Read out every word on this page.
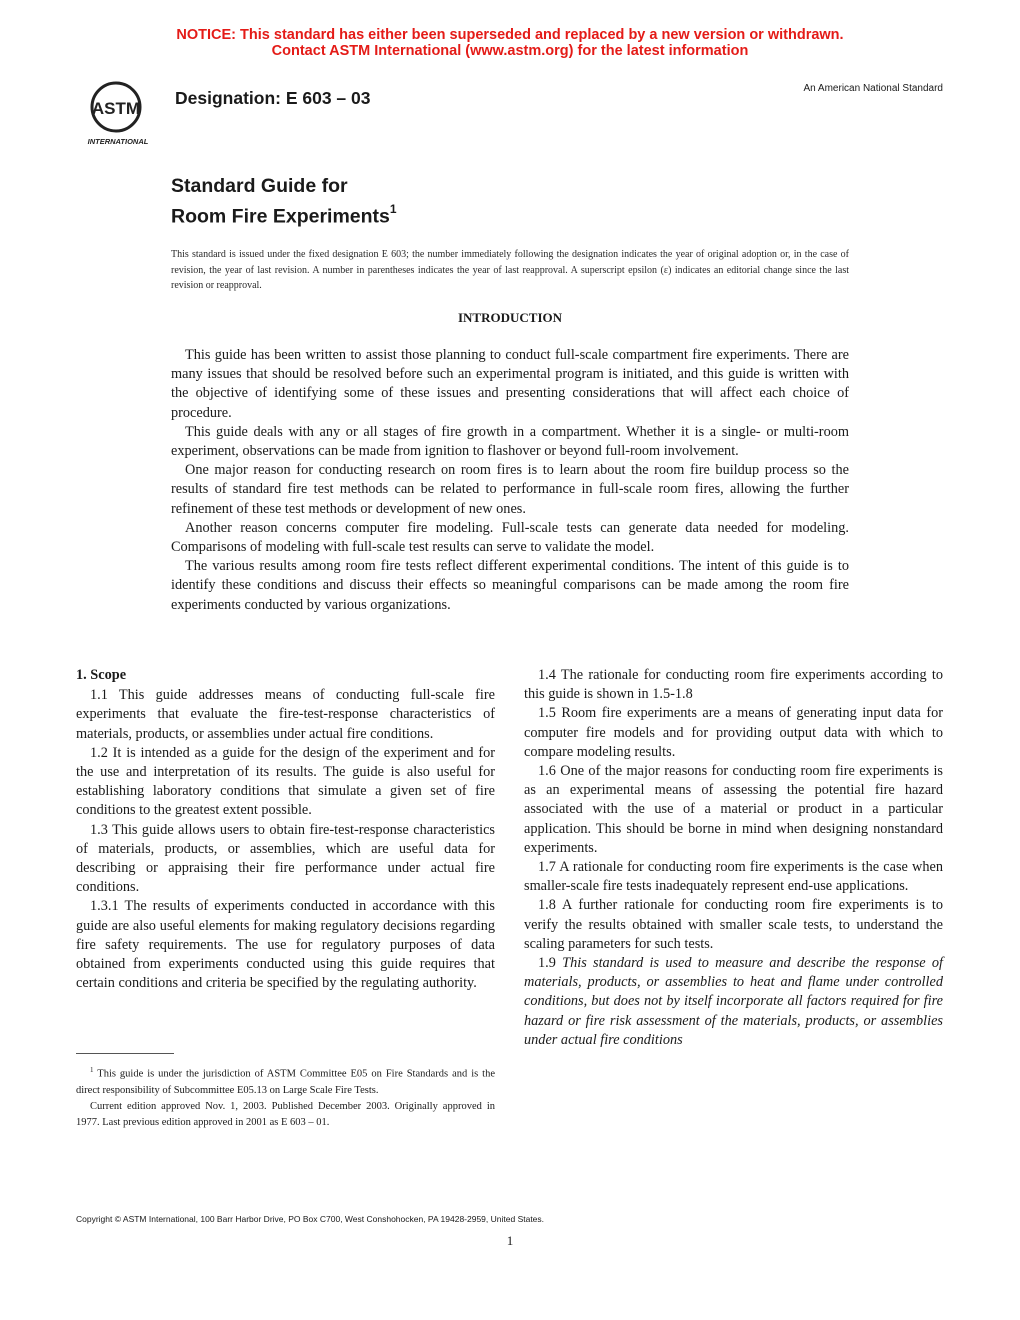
NOTICE: This standard has either been superseded and replaced by a new version or withdrawn.
Contact ASTM International (www.astm.org) for the latest information
ASTM
INTERNATIONAL
Designation: E 603 – 03	An American National Standard
Standard Guide for
Room Fire Experiments$^1$
This standard is issued under the fixed designation E 603; the number immediately following the designation indicates the year of original adoption or, in the case of revision, the year of last revision. A number in parentheses indicates the year of last reapproval. A superscript epsilon (ε) indicates an editorial change since the last revision or reapproval.
INTRODUCTION

This guide has been written to assist those planning to conduct full-scale compartment fire experiments. There are many issues that should be resolved before such an experimental program is initiated, and this guide is written with the objective of identifying some of these issues and presenting considerations that will affect each choice of procedure.

This guide deals with any or all stages of fire growth in a compartment. Whether it is a single- or multi-room experiment, observations can be made from ignition to flashover or beyond full-room involvement.

One major reason for conducting research on room fires is to learn about the room fire buildup process so the results of standard fire test methods can be related to performance in full-scale room fires, allowing the further refinement of these test methods or development of new ones.

Another reason concerns computer fire modeling. Full-scale tests can generate data needed for modeling. Comparisons of modeling with full-scale test results can serve to validate the model.

The various results among room fire tests reflect different experimental conditions. The intent of this guide is to identify these conditions and discuss their effects so meaningful comparisons can be made among the room fire experiments conducted by various organizations.

1. Scope

1.1 This guide addresses means of conducting full-scale fire experiments that evaluate the fire-test-response characteristics of materials, products, or assemblies under actual fire conditions.

1.2 It is intended as a guide for the design of the experiment and for the use and interpretation of its results. The guide is also useful for establishing laboratory conditions that simulate a given set of fire conditions to the greatest extent possible.

1.3 This guide allows users to obtain fire-test-response characteristics of materials, products, or assemblies, which are useful data for describing or appraising their fire performance under actual fire conditions.

1.3.1 The results of experiments conducted in accordance with this guide are also useful elements for making regulatory decisions regarding fire safety requirements. The use for regulatory purposes of data obtained from experiments conducted using this guide requires that certain conditions and criteria be specified by the regulating authority.

1.4 The rationale for conducting room fire experiments according to this guide is shown in 1.5-1.8

1.5 Room fire experiments are a means of generating input data for computer fire models and for providing output data with which to compare modeling results.

1.6 One of the major reasons for conducting room fire experiments is as an experimental means of assessing the potential fire hazard associated with the use of a material or product in a particular application. This should be borne in mind when designing nonstandard experiments.

1.7 A rationale for conducting room fire experiments is the case when smaller-scale fire tests inadequately represent end-use applications.

1.8 A further rationale for conducting room fire experiments is to verify the results obtained with smaller scale tests, to understand the scaling parameters for such tests.

1.9 This standard is used to measure and describe the response of materials, products, or assemblies to heat and flame under controlled conditions, but does not by itself incorporate all factors required for fire hazard or fire risk assessment of the materials, products, or assemblies under actual fire conditions

$^1$ This guide is under the jurisdiction of ASTM Committee E05 on Fire Standards and is the direct responsibility of Subcommittee E05.13 on Large Scale Fire Tests.

Current edition approved Nov. 1, 2003. Published December 2003. Originally approved in 1977. Last previous edition approved in 2001 as E 603 – 01.

Copyright © ASTM International, 100 Barr Harbor Drive, PO Box C700, West Conshohocken, PA 19428-2959, United States.
1
